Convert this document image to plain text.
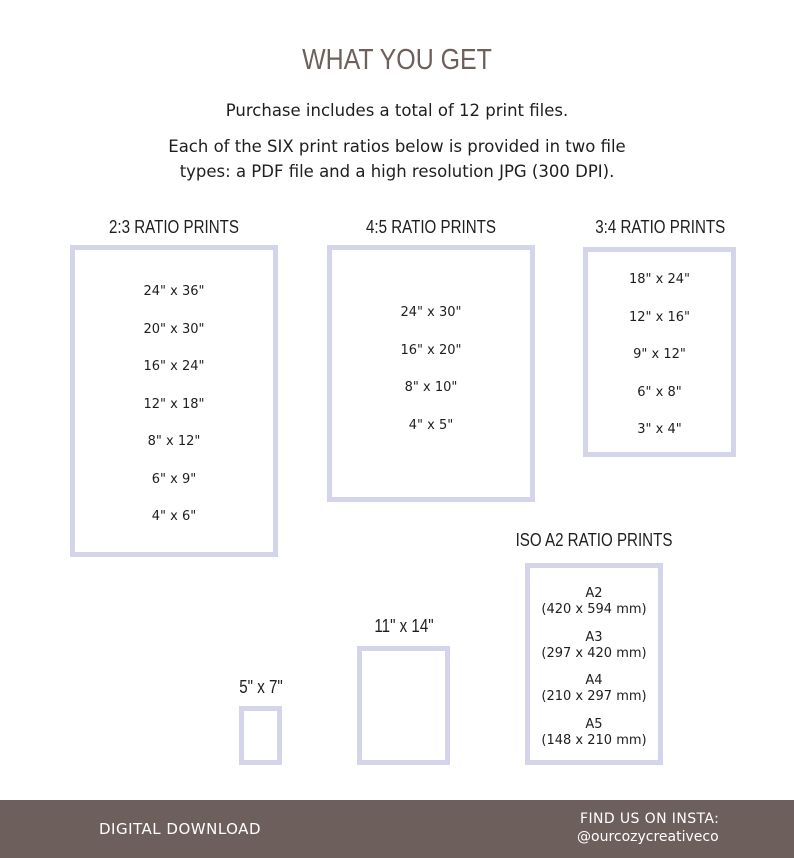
WHAT YOU GET
Purchase includes a total of 12 print files.
Each of the SIX print ratios below is provided in two file
types: a PDF file and a high resolution JPG (300 DPI).
2:3 RATIO PRINTS
24" x 36"
20" x 30"
16" x 24"
12" x 18"
8" x 12"
6" x 9"
4" x 6"
4:5 RATIO PRINTS
24" x 30"
16" x 20"
8" x 10"
4" x 5"
3:4 RATIO PRINTS
18" x 24"
12" x 16"
9" x 12"
6" x 8"
3" x 4"
ISO A2 RATIO PRINTS
A2
(420 x 594 mm)
A3
(297 x 420 mm)
A4
(210 x 297 mm)
A5
(148 x 210 mm)
11" x 14"
5" x 7"
DIGITAL DOWNLOAD
FIND US ON INSTA:
@ourcozycreativeco
